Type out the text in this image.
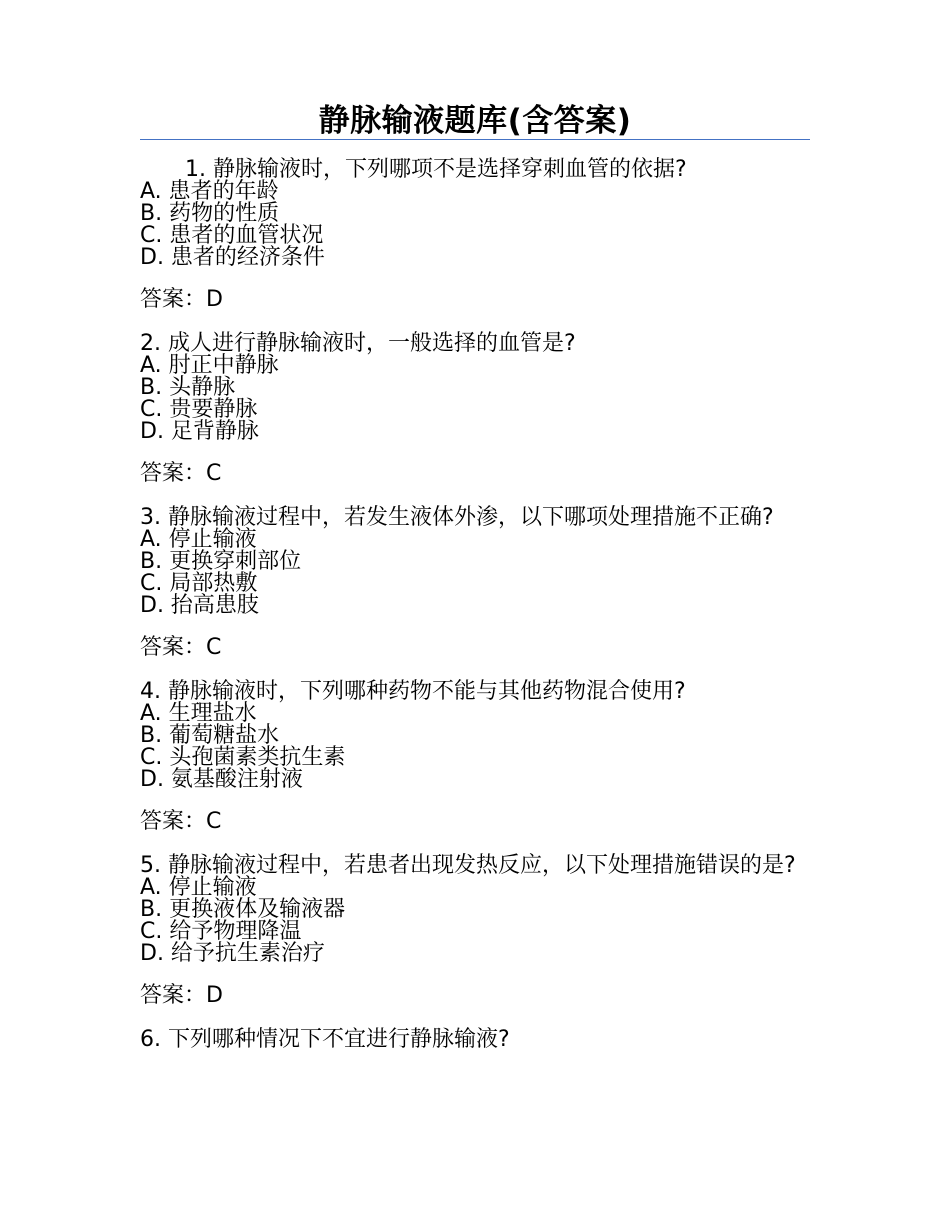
静脉输液题库(含答案)

1. 静脉输液时，下列哪项不是选择穿刺血管的依据?

A. 患者的年龄

B. 药物的性质

C. 患者的血管状况

D. 患者的经济条件

答案：D

2. 成人进行静脉输液时，一般选择的血管是?

A. 肘正中静脉

B. 头静脉

C. 贵要静脉

D. 足背静脉

答案：C

3. 静脉输液过程中，若发生液体外渗，以下哪项处理措施不正确?

A. 停止输液

B. 更换穿刺部位

C. 局部热敷

D. 抬高患肢

答案：C

4. 静脉输液时，下列哪种药物不能与其他药物混合使用?

A. 生理盐水

B. 葡萄糖盐水

C. 头孢菌素类抗生素

D. 氨基酸注射液

答案：C

5. 静脉输液过程中，若患者出现发热反应，以下处理措施错误的是?

A. 停止输液

B. 更换液体及输液器

C. 给予物理降温

D. 给予抗生素治疗

答案：D

6. 下列哪种情况下不宜进行静脉输液?
